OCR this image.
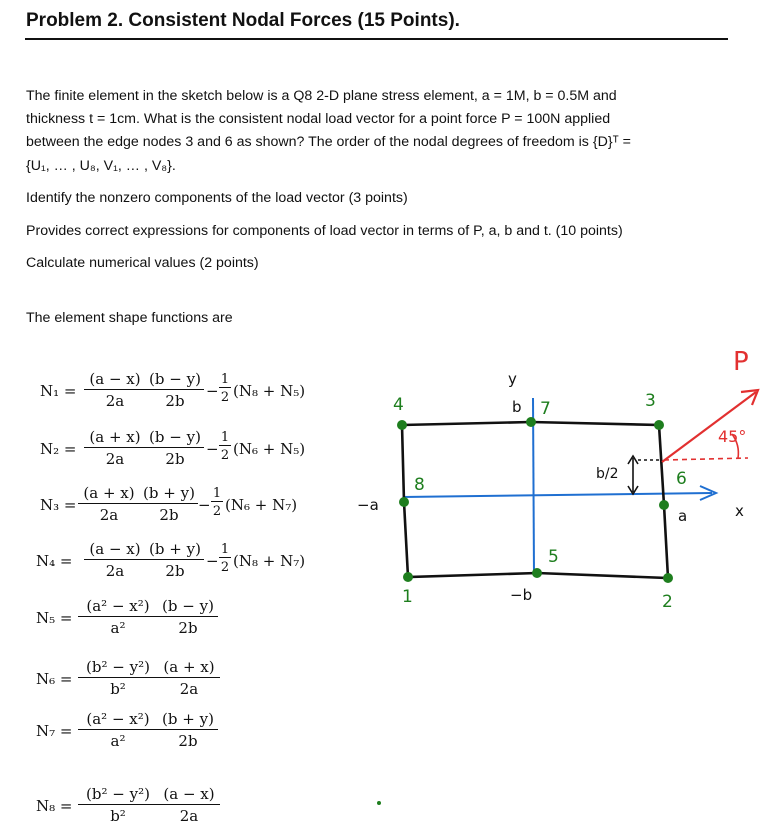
Problem 2. Consistent Nodal Forces (15 Points).
The finite element in the sketch below is a Q8 2-D plane stress element, a = 1M, b = 0.5M and
thickness t = 1cm. What is the consistent nodal load vector for a point force P = 100N applied
between the edge nodes 3 and 6 as shown? The order of the nodal degrees of freedom is {D}ᵀ =
{U₁, … , U₈, V₁, … , V₈}.
Identify the nonzero components of the load vector (3 points)
Provides correct expressions for components of load vector in terms of P, a, b and t. (10 points)
Calculate numerical values (2 points)
The element shape functions are
$N_1 = \frac{(a - x)}{2a} \frac{(b - y)}{2b} - \frac{1}{2} (N_8 + N_5)$
$N_2 = \frac{(a + x)}{2a} \frac{(b - y)}{2b} - \frac{1}{2} (N_6 + N_5)$
$N_3 = \frac{(a + x)}{2a} \frac{(b + y)}{2b} - \frac{1}{2} (N_6 + N_7)$
$N_4 = \frac{(a - x)}{2a} \frac{(b + y)}{2b} - \frac{1}{2} (N_8 + N_7)$
$N_5 = \frac{\text{(a² − x²)}}{\text{a²}} \frac{(b - y)}{2b}$
$N_6 = \frac{\text{(b² − y²)}}{\text{b²}} \frac{(a + x)}{2a}$
$N_7 = \frac{\text{(a² − x²)}}{\text{a²}} \frac{(b + y)}{2b}$
$N_8 = \frac{\text{(b² − y²)}}{\text{b²}} \frac{(a - x)}{2a}$
1	2
3
4
5
6
7
8
y
b
−b
−a
a	x
b/2
P
45°
